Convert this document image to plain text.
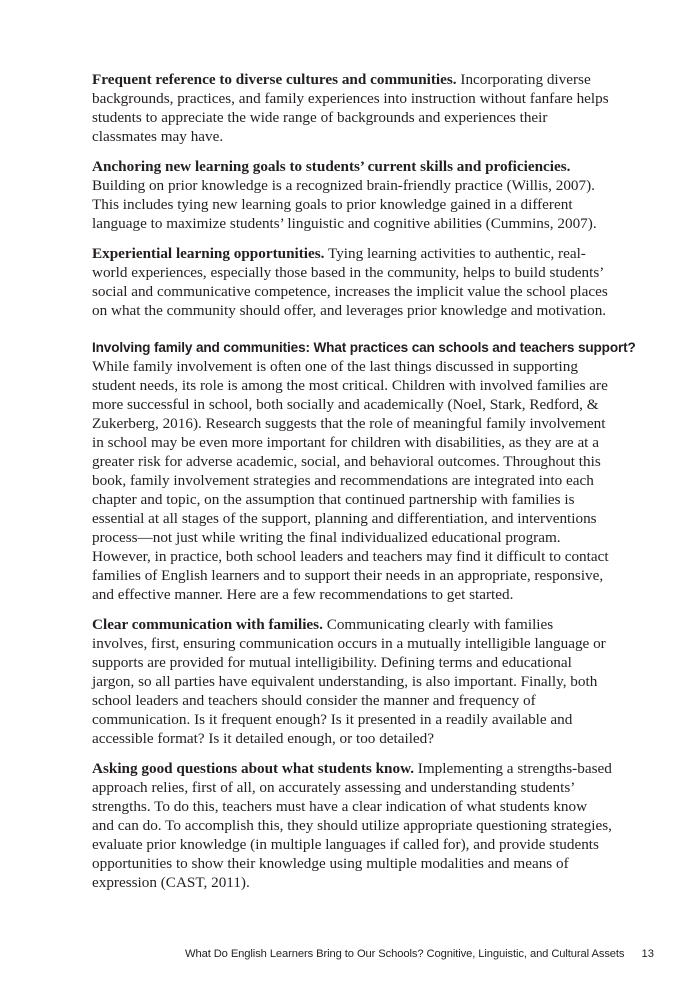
Frequent reference to diverse cultures and communities. Incorporating diverse backgrounds, practices, and family experiences into instruction without fanfare helps students to appreciate the wide range of backgrounds and experiences their classmates may have.

Anchoring new learning goals to students’ current skills and proficiencies. Building on prior knowledge is a recognized brain-friendly practice (Willis, 2007). This includes tying new learning goals to prior knowledge gained in a different language to maximize students’ linguistic and cognitive abilities (Cummins, 2007).

Experiential learning opportunities. Tying learning activities to authentic, real-world experiences, especially those based in the community, helps to build students’ social and communicative competence, increases the implicit value the school places on what the community should offer, and leverages prior knowledge and motivation.

Involving family and communities: What practices can schools and teachers support?

While family involvement is often one of the last things discussed in supporting student needs, its role is among the most critical. Children with involved families are more successful in school, both socially and academically (Noel, Stark, Redford, & Zukerberg, 2016). Research suggests that the role of meaningful family involvement in school may be even more important for children with disabilities, as they are at a greater risk for adverse academic, social, and behavioral outcomes. Throughout this book, family involvement strategies and recommendations are integrated into each chapter and topic, on the assumption that continued partnership with families is essential at all stages of the support, planning and differentiation, and interventions process—not just while writing the final individualized educational program. However, in practice, both school leaders and teachers may find it difficult to contact families of English learners and to support their needs in an appropriate, responsive, and effective manner. Here are a few recommendations to get started.

Clear communication with families. Communicating clearly with families involves, first, ensuring communication occurs in a mutually intelligible language or supports are provided for mutual intelligibility. Defining terms and educational jargon, so all parties have equivalent understanding, is also important. Finally, both school leaders and teachers should consider the manner and frequency of communication. Is it frequent enough? Is it presented in a readily available and accessible format? Is it detailed enough, or too detailed?

Asking good questions about what students know. Implementing a strengths-based approach relies, first of all, on accurately assessing and understanding students’ strengths. To do this, teachers must have a clear indication of what students know and can do. To accomplish this, they should utilize appropriate questioning strategies, evaluate prior knowledge (in multiple languages if called for), and provide students opportunities to show their knowledge using multiple modalities and means of expression (CAST, 2011).

What Do English Learners Bring to Our Schools? Cognitive, Linguistic, and Cultural Assets 13
